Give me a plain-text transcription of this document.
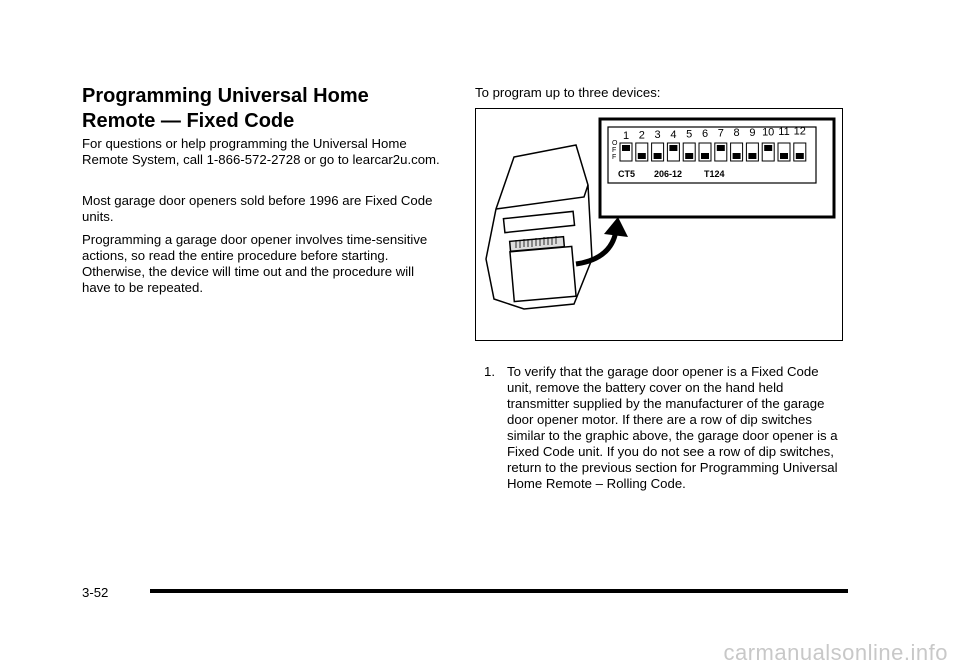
Programming Universal Home
Remote — Fixed Code

For questions or help programming the Universal Home Remote System, call 1-866-572-2728 or go to learcar2u.com.

Most garage door openers sold before 1996 are Fixed Code units.

Programming a garage door opener involves time-sensitive actions, so read the entire procedure before starting. Otherwise, the device will time out and the procedure will have to be repeated.

To program up to three devices:

CT5 206-12 T124
O
F
F
1 2 3 4 5 6 7 8 9 10 11 12
1. To verify that the garage door opener is a Fixed Code unit, remove the battery cover on the hand held transmitter supplied by the manufacturer of the garage door opener motor. If there are a row of dip switches similar to the graphic above, the garage door opener is a Fixed Code unit. If you do not see a row of dip switches, return to the previous section for Programming Universal Home Remote – Rolling Code.
3-52
carmanualsonline.info
